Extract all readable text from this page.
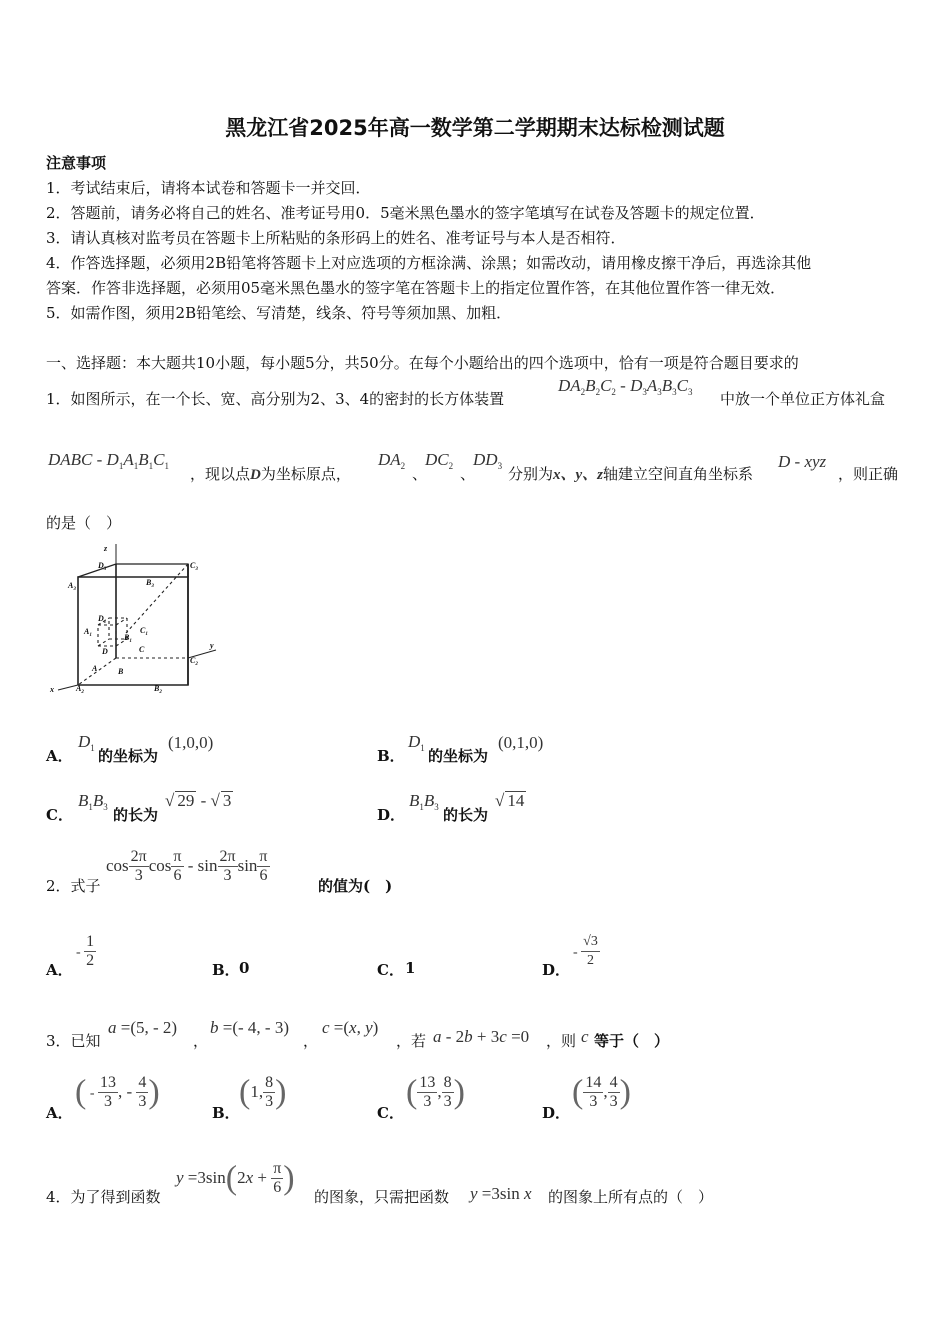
黑龙江省2025年高一数学第二学期期末达标检测试题
注意事项
1．考试结束后，请将本试卷和答题卡一并交回．
2．答题前，请务必将自己的姓名、准考证号用0．5毫米黑色墨水的签字笔填写在试卷及答题卡的规定位置．
3．请认真核对监考员在答题卡上所粘贴的条形码上的姓名、准考证号与本人是否相符．
4．作答选择题，必须用2B铅笔将答题卡上对应选项的方框涂满、涂黑；如需改动，请用橡皮擦干净后，再选涂其他
答案．作答非选择题，必须用05毫米黑色墨水的签字笔在答题卡上的指定位置作答，在其他位置作答一律无效．
5．如需作图，须用2B铅笔绘、写清楚，线条、符号等须加黑、加粗．
一、选择题：本大题共10小题，每小题5分，共50分。在每个小题给出的四个选项中，恰有一项是符合题目要求的
1．如图所示，在一个长、宽、高分别为2、3、4的密封的长方体装置
$DA_2B_2C_2 - D_3A_3B_3C_3$ 中放一个单位正方体礼盒
DABC - $D_1A_1B_1C_1$ ，现以点D为坐标原点，
$DA_2$ 、
$DC_2$ 、
$DD_3$ 分别为x、y、z轴建立空间直角坐标系
D - xyz
，则正确
的是（　）
z
$D_3$
$A_3$
$B_3$
$C_3$
$D_1$
$A_1$	$B_1$
$C_1$
D	C
A	B
$C_2$
y
$A_2$	$B_2$
x
A．
$D_1$ 的坐标为
(1,0,0)
B．
$D_1$ 的坐标为
(0,1,0)
C．
$B_1B_3$ 的长为
√ 29 - √ 3
D．
$B_1B_3$ 的长为
√ 14
2．式子
$\cos \frac{2\pi}{3}$ $\cos \frac{\pi}{6}$ - $\sin \frac{2\pi}{3}$ $\sin \frac{\pi}{6}$
的值为(　)
A．
- $\frac{1}{2}$	B． 0	C． 1	D．
- $\frac{√3}{2}$
3．已知
a =(5, - 2)
，
b =(- 4, - 3)
，
c =(x, y)
，若 a - 2b + 3c =0 ，则 c 等于（　）
A．
( - $\frac{13}{3}$ , - $\frac{4}{3}$ )
B．
(1, $\frac{8}{3}$ )
C．
( $\frac{13}{3}$ , $\frac{8}{3}$ )
D．
( $\frac{14}{3}$ , $\frac{4}{3}$ )
4．为了得到函数
$y =3\sin(2x + \frac{\pi}{6}$ )
的图象，只需把函数 y =3sin x 的图象上所有点的（　）
